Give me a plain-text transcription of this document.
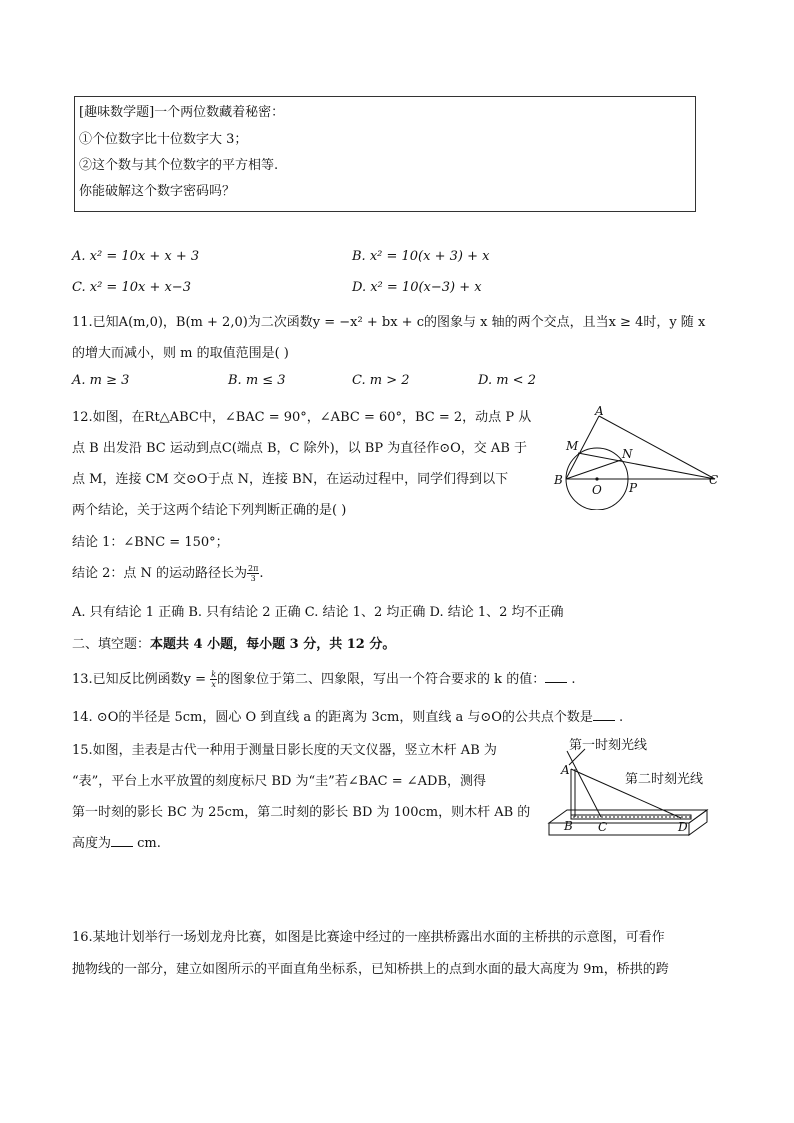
[趣味数学题]一个两位数藏着秘密：
①个位数字比十位数字大 3；
②这个数与其个位数字的平方相等.
你能破解这个数字密码吗？
A. x² = 10x + x + 3	B. x² = 10(x + 3) + x
C. x² = 10x + x−3	D. x² = 10(x−3) + x
11.已知A(m,0)，B(m + 2,0)为二次函数y = −x² + bx + c的图象与 x 轴的两个交点，且当x ≥ 4时，y 随 x
的增大而减小，则 m 的取值范围是( )
A. m ≥ 3	B. m ≤ 3	C. m > 2	D. m < 2
12.如图，在Rt△ABC中，∠BAC = 90°，∠ABC = 60°，BC = 2，动点 P 从
点 B 出发沿 BC 运动到点C(端点 B，C 除外)，以 BP 为直径作⊙O，交 AB 于
点 M，连接 CM 交⊙O于点 N，连接 BN，在运动过程中，同学们得到以下
两个结论，关于这两个结论下列判断正确的是( )
结论 1：∠BNC = 150°；
结论 2：点 N 的运动路径长为 $\frac{2\pi}{3}$ .
A. 只有结论 1 正确 B. 只有结论 2 正确 C. 结论 1、2 均正确 D. 结论 1、2 均不正确
A
M
N
B
O P
C
二、填空题：本题共 4 小题，每小题 3 分，共 12 分。
13.已知反比例函数$y = \frac{k}{x}$ 的图象位于第二、四象限，写出一个符合要求的 k 的值： .
14. ⊙O的半径是 5cm，圆心 O 到直线 a 的距离为 3cm，则直线 a 与⊙O的公共点个数是 .
15.如图，圭表是古代一种用于测量日影长度的天文仪器，竖立木杆 AB 为
“表”，平台上水平放置的刻度标尺 BD 为“圭”若∠BAC = ∠ADB，测得
第一时刻的影长 BC 为 25cm，第二时刻的影长 BD 为 100cm，则木杆 AB 的
高度为 cm.
第一时刻光线
第二时刻光线
A
B C	D
16.某地计划举行一场划龙舟比赛，如图是比赛途中经过的一座拱桥露出水面的主桥拱的示意图，可看作
抛物线的一部分，建立如图所示的平面直角坐标系，已知桥拱上的点到水面的最大高度为 9m，桥拱的跨
